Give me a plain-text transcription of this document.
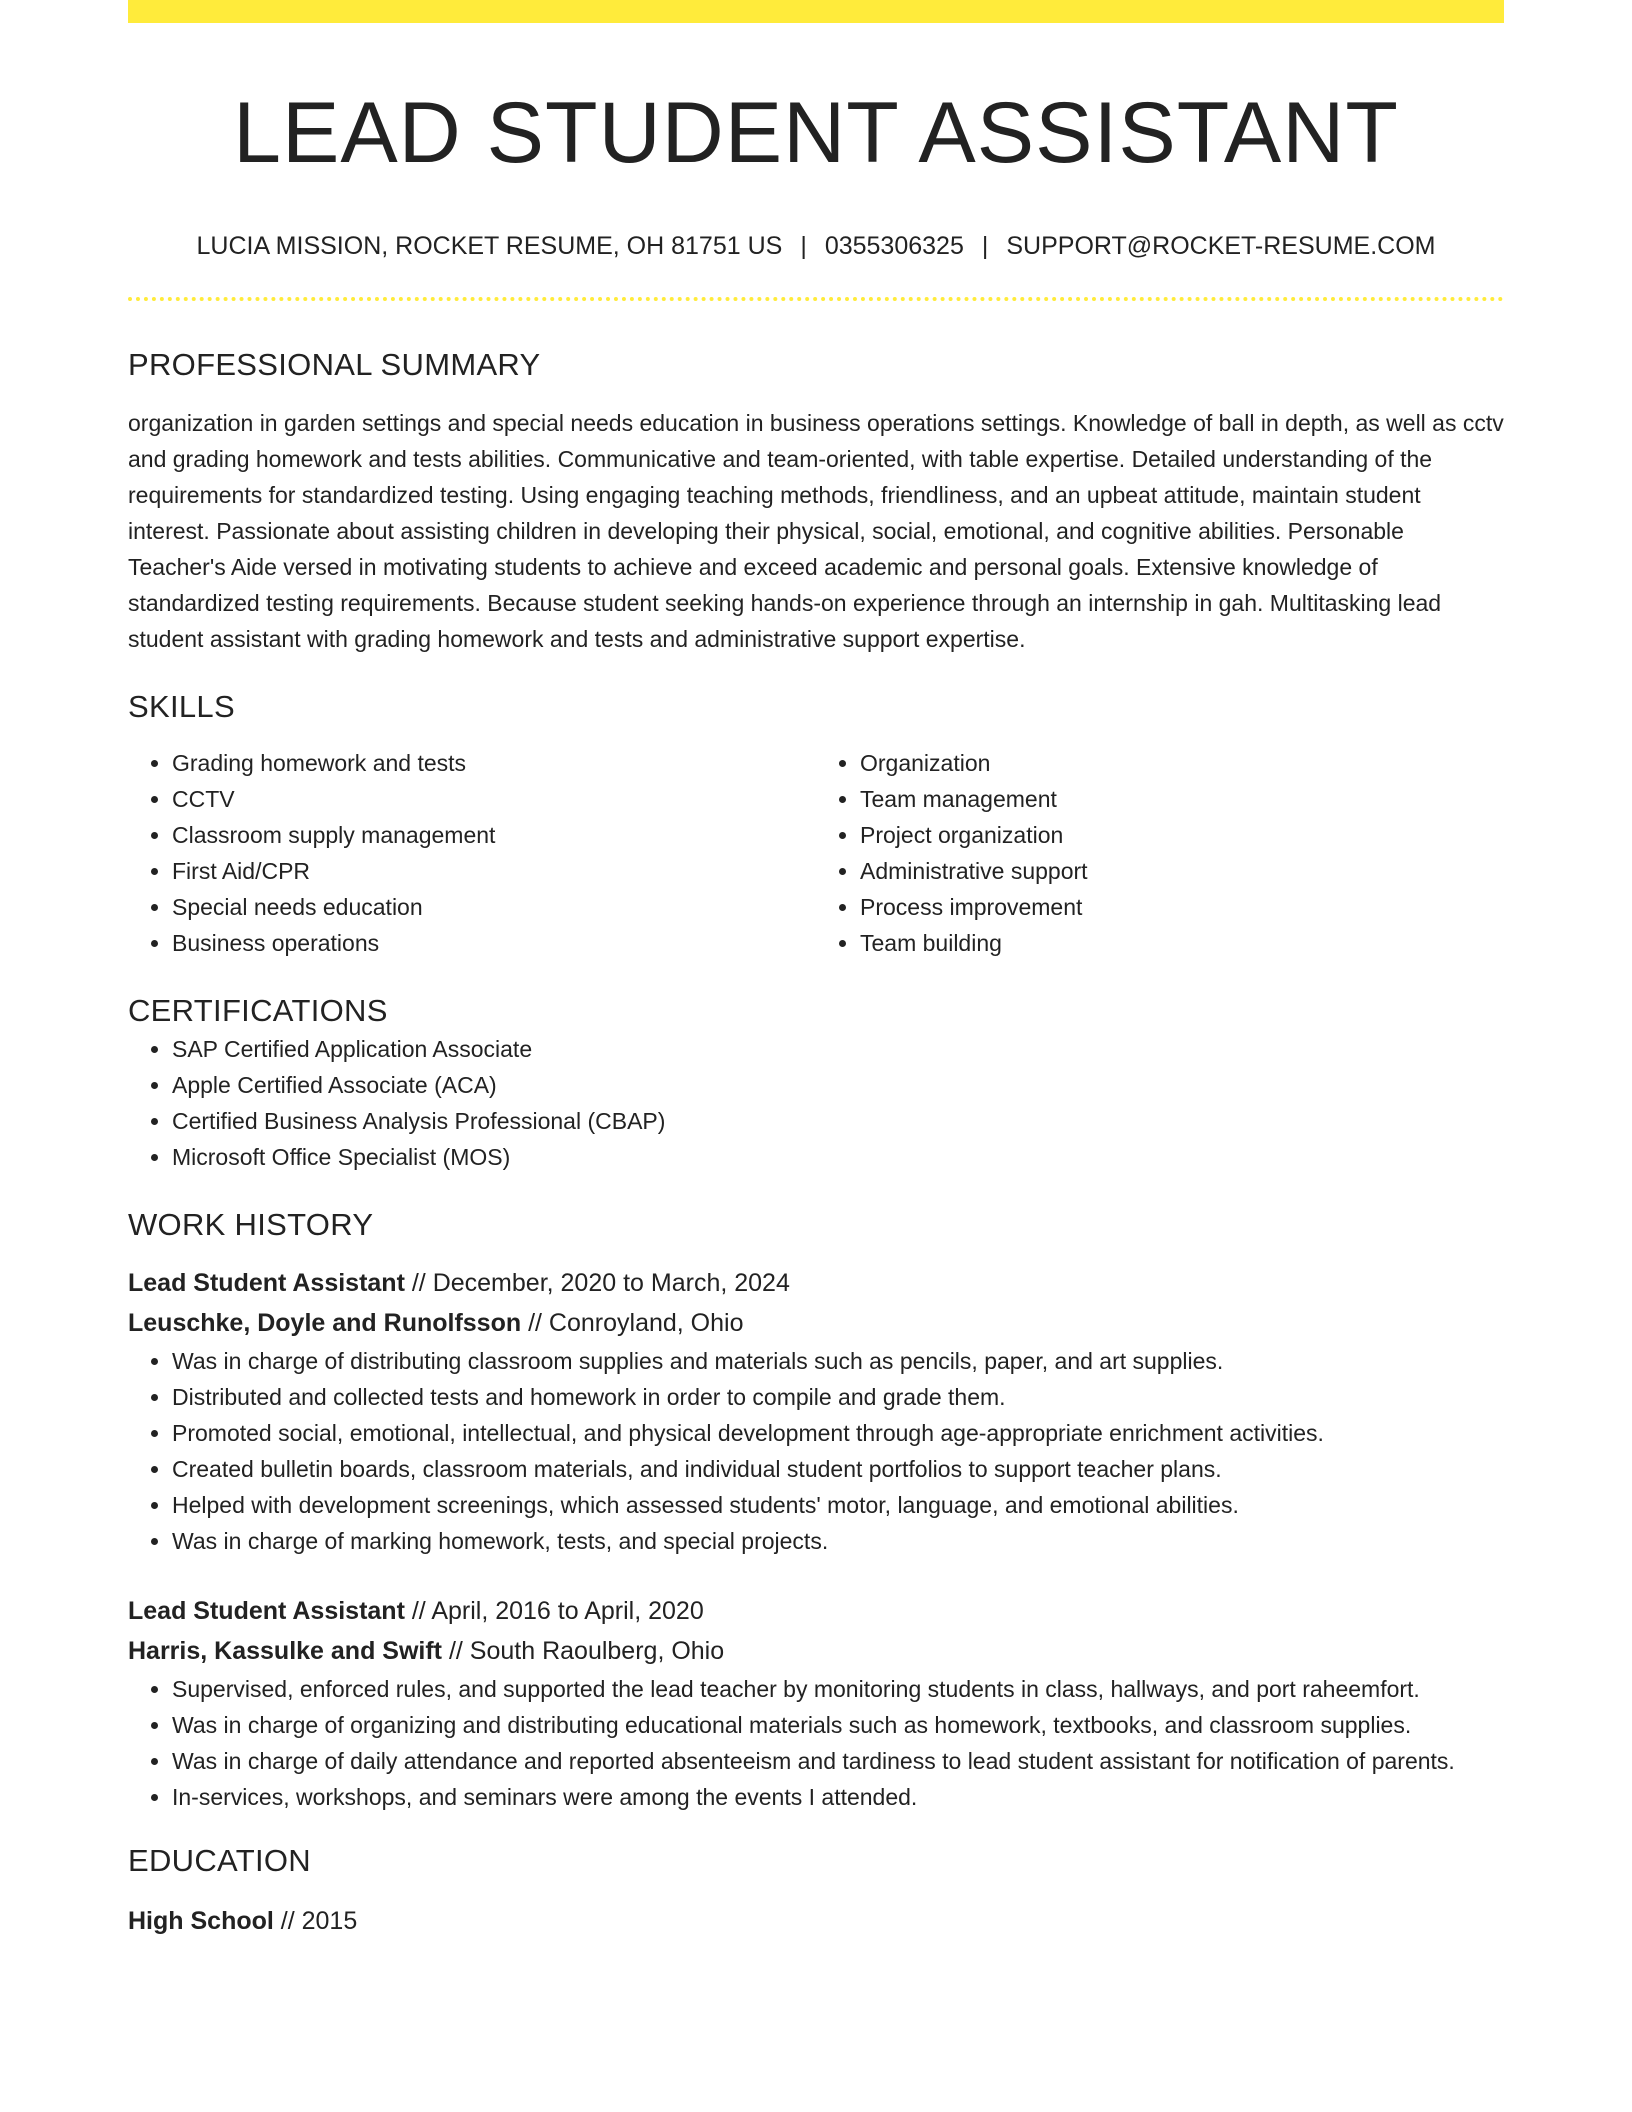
LEAD STUDENT ASSISTANT
LUCIA MISSION, ROCKET RESUME, OH 81751 US | 0355306325 | SUPPORT@ROCKET-RESUME.COM
PROFESSIONAL SUMMARY

organization in garden settings and special needs education in business operations settings. Knowledge of ball in depth, as well as cctv and grading homework and tests abilities. Communicative and team-oriented, with table expertise. Detailed understanding of the requirements for standardized testing. Using engaging teaching methods, friendliness, and an upbeat attitude, maintain student interest. Passionate about assisting children in developing their physical, social, emotional, and cognitive abilities. Personable Teacher's Aide versed in motivating students to achieve and exceed academic and personal goals. Extensive knowledge of standardized testing requirements. Because student seeking hands-on experience through an internship in gah. Multitasking lead student assistant with grading homework and tests and administrative support expertise.

SKILLS
• Grading homework and tests
• CCTV
• Classroom supply management
• First Aid/CPR
• Special needs education
• Business operations
• Organization
• Team management
• Project organization
• Administrative support
• Process improvement
• Team building
CERTIFICATIONS
• SAP Certified Application Associate
• Apple Certified Associate (ACA)
• Certified Business Analysis Professional (CBAP)
• Microsoft Office Specialist (MOS)
WORK HISTORY
Lead Student Assistant // December, 2020 to March, 2024
Leuschke, Doyle and Runolfsson // Conroyland, Ohio
• Was in charge of distributing classroom supplies and materials such as pencils, paper, and art supplies.
• Distributed and collected tests and homework in order to compile and grade them.
• Promoted social, emotional, intellectual, and physical development through age-appropriate enrichment activities.
• Created bulletin boards, classroom materials, and individual student portfolios to support teacher plans.
• Helped with development screenings, which assessed students' motor, language, and emotional abilities.
• Was in charge of marking homework, tests, and special projects.
Lead Student Assistant // April, 2016 to April, 2020
Harris, Kassulke and Swift // South Raoulberg, Ohio
• Supervised, enforced rules, and supported the lead teacher by monitoring students in class, hallways, and port raheemfort.
• Was in charge of organizing and distributing educational materials such as homework, textbooks, and classroom supplies.
• Was in charge of daily attendance and reported absenteeism and tardiness to lead student assistant for notification of parents.
• In-services, workshops, and seminars were among the events I attended.
EDUCATION
High School // 2015
